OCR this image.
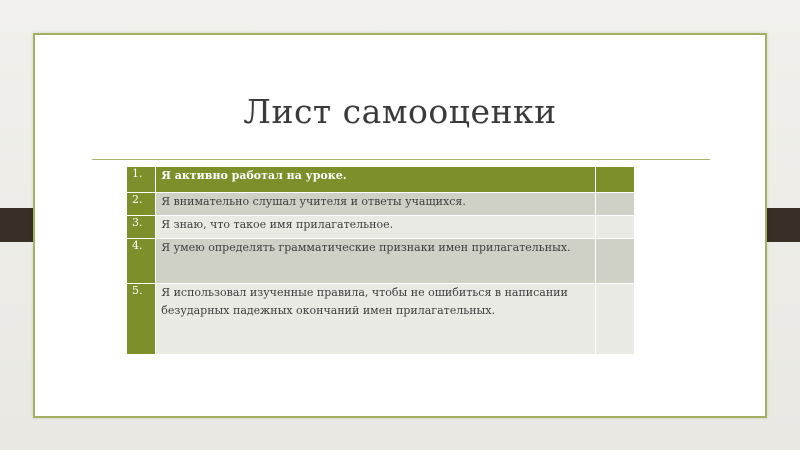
Лист самооценки
1.	Я активно работал на уроке.	
2.	Я внимательно слушал учителя и ответы учащихся.	
3.	Я знаю, что такое имя прилагательное.	
4.	Я умею определять грамматические признаки имен прилагательных.	
5.	Я использовал изученные правила, чтобы не ошибиться в написании безударных падежных окончаний имен прилагательных.	
